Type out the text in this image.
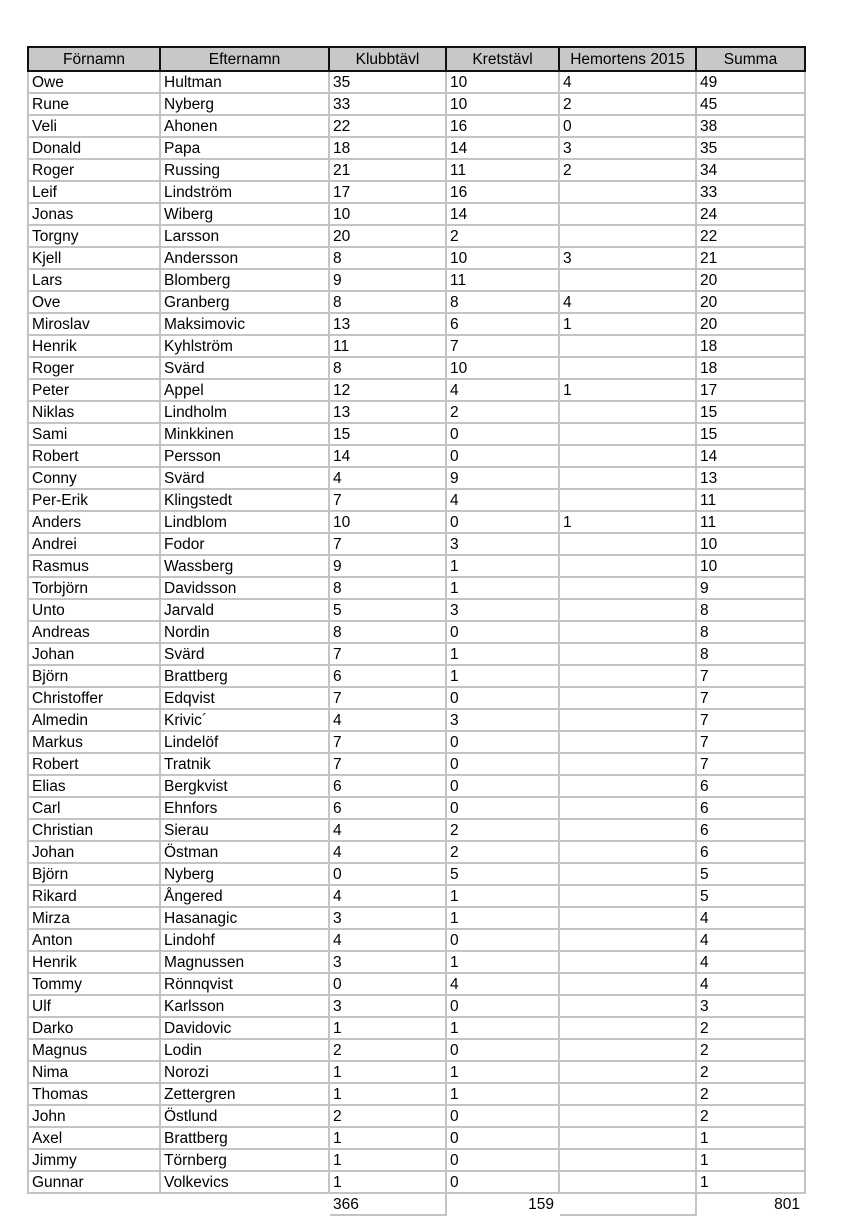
Förnamn	Efternamn	Klubbtävl	Kretstävl	Hemortens 2015	Summa
Owe	Hultman	35	10	4	49
Rune	Nyberg	33	10	2	45
Veli	Ahonen	22	16	0	38
Donald	Papa	18	14	3	35
Roger	Russing	21	11	2	34
Leif	Lindström	17	16		33
Jonas	Wiberg	10	14		24
Torgny	Larsson	20	2		22
Kjell	Andersson	8	10	3	21
Lars	Blomberg	9	11		20
Ove	Granberg	8	8	4	20
Miroslav	Maksimovic	13	6	1	20
Henrik	Kyhlström	11	7		18
Roger	Svärd	8	10		18
Peter	Appel	12	4	1	17
Niklas	Lindholm	13	2		15
Sami	Minkkinen	15	0		15
Robert	Persson	14	0		14
Conny	Svärd	4	9		13
Per-Erik	Klingstedt	7	4		11
Anders	Lindblom	10	0	1	11
Andrei	Fodor	7	3		10
Rasmus	Wassberg	9	1		10
Torbjörn	Davidsson	8	1		9
Unto	Jarvald	5	3		8
Andreas	Nordin	8	0		8
Johan	Svärd	7	1		8
Björn	Brattberg	6	1		7
Christoffer	Edqvist	7	0		7
Almedin	Krivic´	4	3		7
Markus	Lindelöf	7	0		7
Robert	Tratnik	7	0		7
Elias	Bergkvist	6	0		6
Carl	Ehnfors	6	0		6
Christian	Sierau	4	2		6
Johan	Östman	4	2		6
Björn	Nyberg	0	5		5
Rikard	Ångered	4	1		5
Mirza	Hasanagic	3	1		4
Anton	Lindohf	4	0		4
Henrik	Magnussen	3	1		4
Tommy	Rönnqvist	0	4		4
Ulf	Karlsson	3	0		3
Darko	Davidovic	1	1		2
Magnus	Lodin	2	0		2
Nima	Norozi	1	1		2
Thomas	Zettergren	1	1		2
John	Östlund	2	0		2
Axel	Brattberg	1	0		1
Jimmy	Törnberg	1	0		1
Gunnar	Volkevics	1	0		1
		366	159		801
